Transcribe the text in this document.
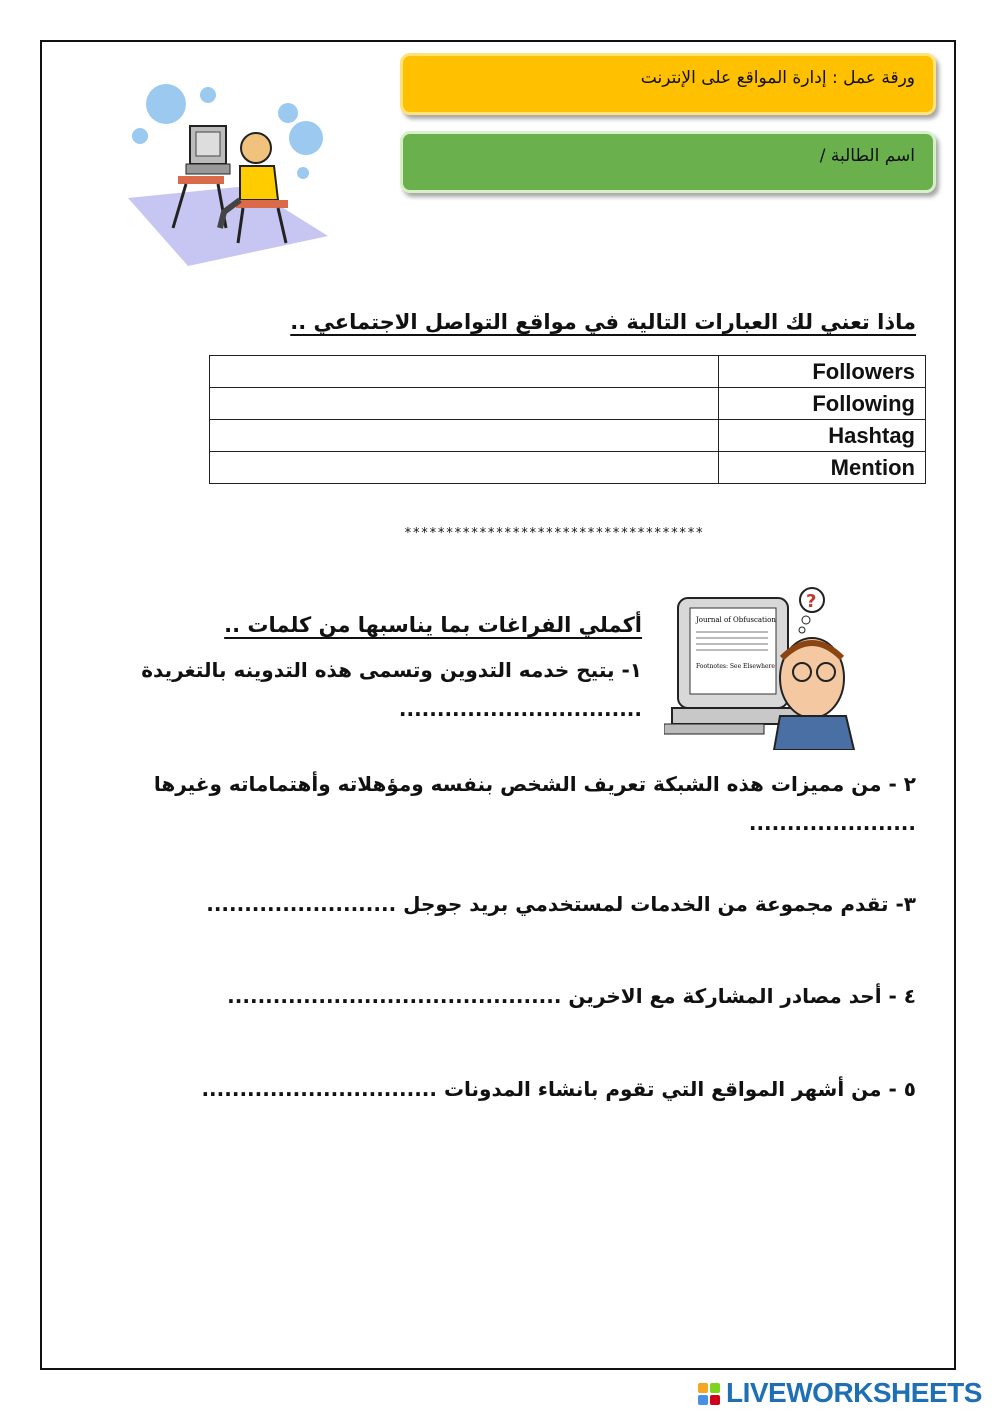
ورقة عمل : إدارة المواقع على الإنترنت
اسم الطالبة /
ماذا تعني لك العبارات التالية في مواقع التواصل الاجتماعي ..
	Followers
	Following
	Hashtag
	Mention
************************************
Journal of Obfuscation
Footnotes: See Elsewhere
?
أكملي الفراغات بما يناسبها من كلمات ..
١- يتيح خدمه التدوين وتسمى هذه التدوينه بالتغريدة
................................
٢ - من مميزات هذه الشبكة تعريف الشخص بنفسه ومؤهلاته وأهتماماته وغيرها
......................
٣- تقدم مجموعة من الخدمات لمستخدمي بريد جوجل .........................
٤ - أحد مصادر المشاركة مع الاخرين ............................................
٥ - من أشهر المواقع التي تقوم بانشاء المدونات ...............................
LIVEWORKSHEETS
